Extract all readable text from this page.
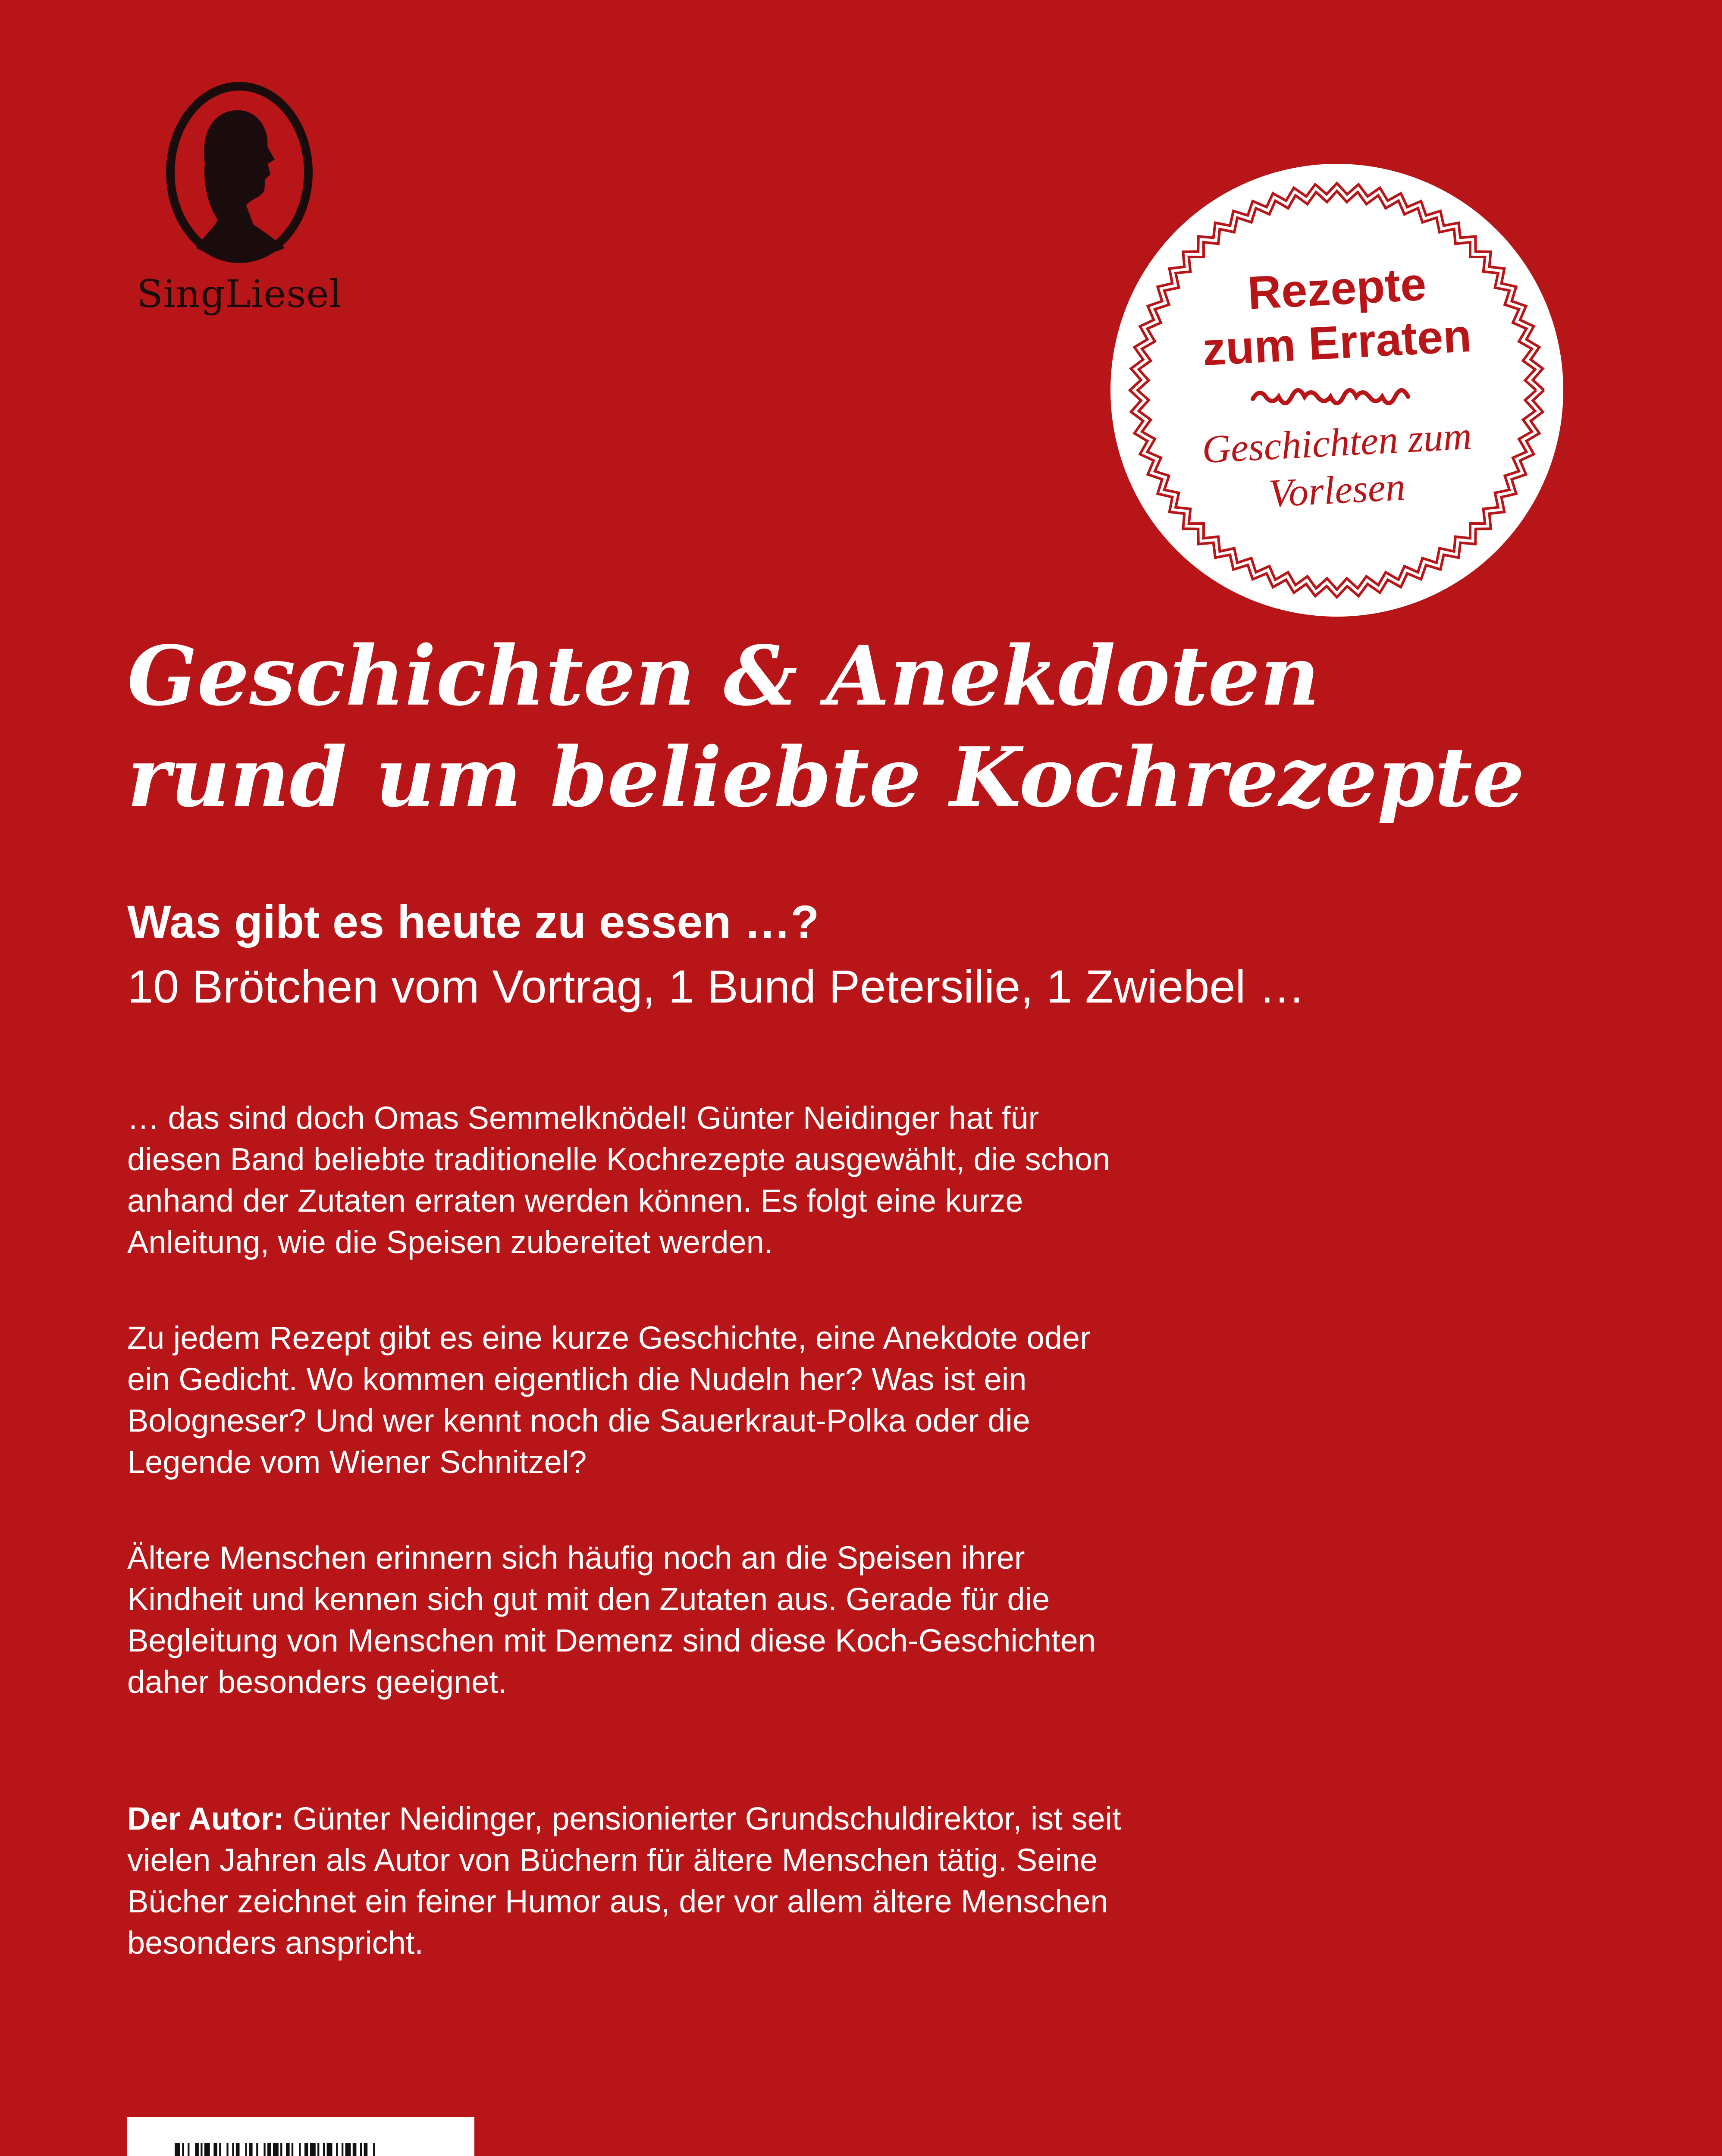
SingLiesel	Rezepte
zum Erraten
Geschichten zum
Vorlesen
Geschichten & Anekdoten
rund um beliebte Kochrezepte
Was gibt es heute zu essen …?
10 Brötchen vom Vortrag, 1 Bund Petersilie, 1 Zwiebel …
… das sind doch Omas Semmelknödel! Günter Neidinger hat für diesen Band beliebte traditionelle Kochrezepte ausgewählt, die schon anhand der Zutaten erraten werden können. Es folgt eine kurze Anleitung, wie die Speisen zubereitet werden.
Zu jedem Rezept gibt es eine kurze Geschichte, eine Anekdote oder ein Gedicht. Wo kommen eigentlich die Nudeln her? Was ist ein Bologneser? Und wer kennt noch die Sauerkraut-Polka oder die Legende vom Wiener Schnitzel?
Ältere Menschen erinnern sich häufig noch an die Speisen ihrer Kindheit und kennen sich gut mit den Zutaten aus. Gerade für die Begleitung von Menschen mit Demenz sind diese Koch-Geschichten daher besonders geeignet.
Der Autor: Günter Neidinger, pensionierter Grundschuldirektor, ist seit vielen Jahren als Autor von Büchern für ältere Menschen tätig. Seine Bücher zeichnet ein feiner Humor aus, der vor allem ältere Menschen besonders anspricht.
